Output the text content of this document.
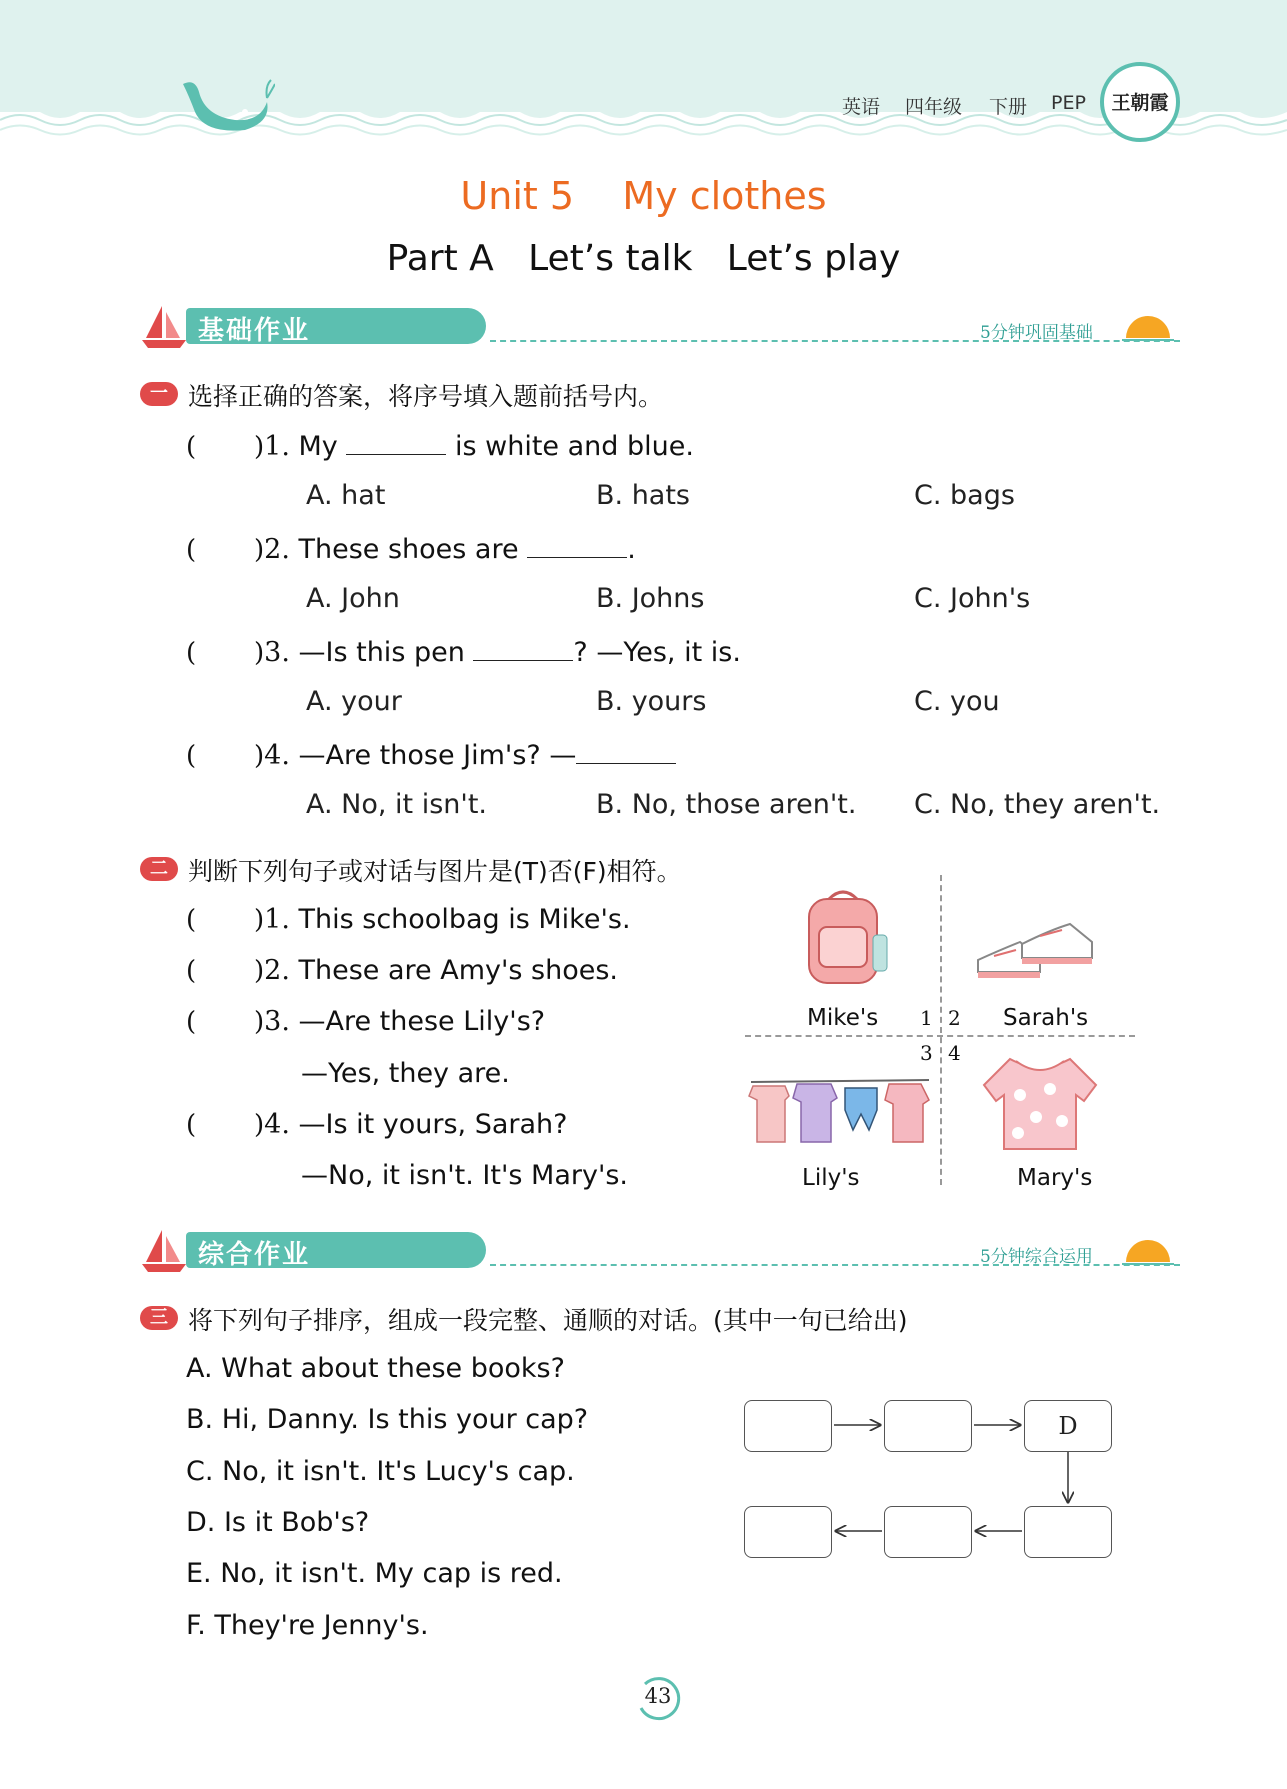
英语 四年级 下册 PEP	王朝霞
Unit 5    My clothes
Part A   Let’s talk   Let’s play
基础作业	5分钟巩固基础
一 选择正确的答案，将序号填入题前括号内。
(       )1. My	is white and blue.
A. hat	B. hats	C. bags
(       )2. These shoes are	.
A. John	B. Johns	C. John's
(       )3. —Is this pen	? —Yes, it is.
A. your	B. yours	C. you
(       )4. —Are those Jim's? —
A. No, it isn't.	B. No, those aren't. C. No, they aren't.
二 判断下列句子或对话与图片是(T)否(F)相符。
(       )1. This schoolbag is Mike's.
(       )2. These are Amy's shoes.
(       )3. —Are these Lily's?
—Yes, they are.
(       )4. —Is it yours, Sarah?
—No, it isn't. It's Mary's.
Mike's 1 2 Sarah's
3 4
Lily's	Mary's
综合作业	5分钟综合运用
三 将下列句子排序，组成一段完整、通顺的对话。(其中一句已给出)
A. What about these books?
B. Hi, Danny. Is this your cap?
C. No, it isn't. It's Lucy's cap.
D. Is it Bob's?
E. No, it isn't. My cap is red.
F. They're Jenny's.
D
43
